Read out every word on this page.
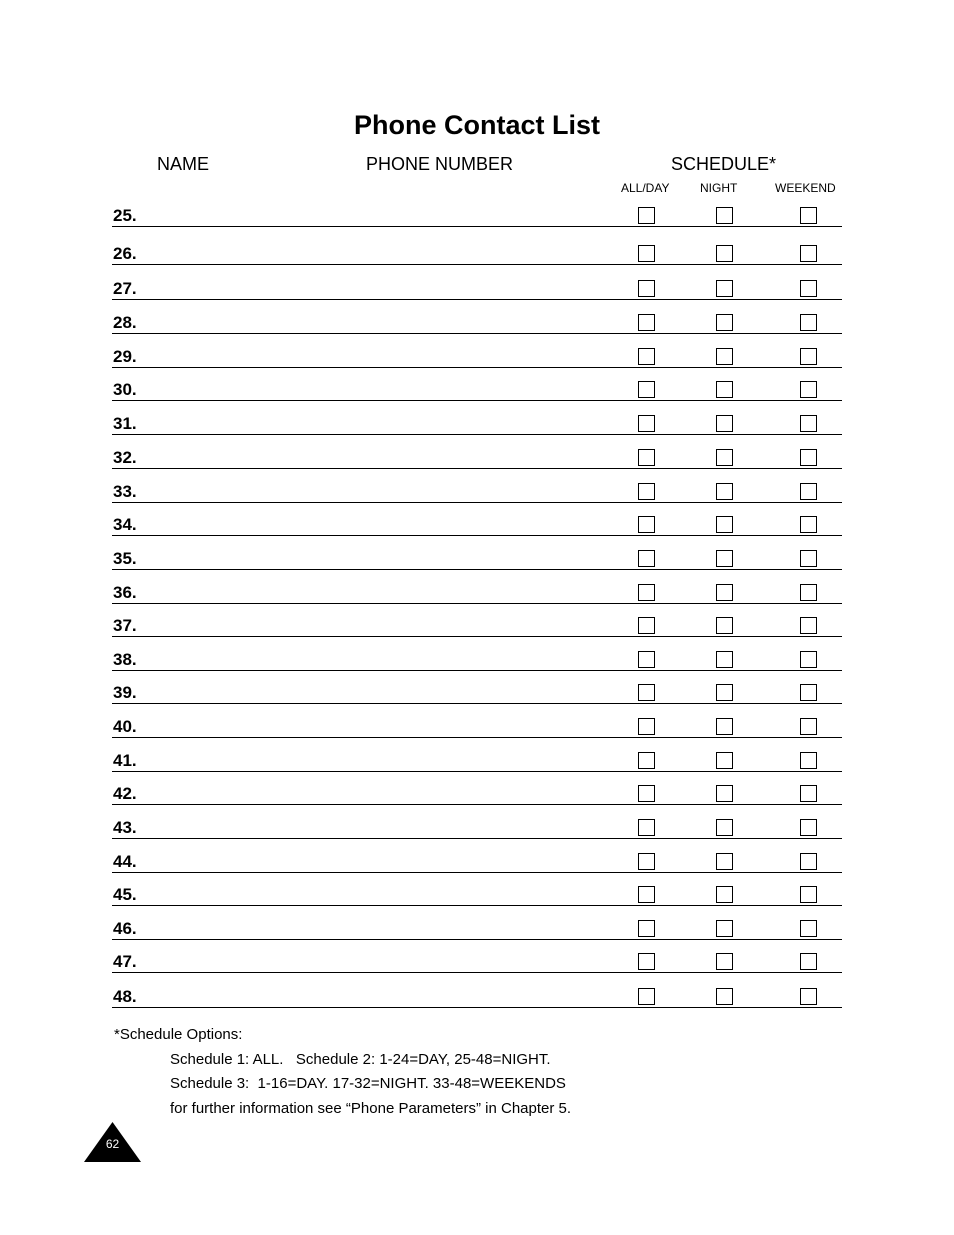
Phone Contact List
NAME	PHONE NUMBER	SCHEDULE*
ALL/DAY	NIGHT	WEEKEND
25.
26.
27.
28.
29.
30.
31.
32.
33.
34.
35.
36.
37.
38.
39.
40.
41.
42.
43.
44.
45.
46.
47.
48.
*Schedule Options:
Schedule 1: ALL.   Schedule 2: 1-24=DAY, 25-48=NIGHT.
Schedule 3:  1-16=DAY. 17-32=NIGHT. 33-48=WEEKENDS
for further information see “Phone Parameters” in Chapter 5.
62
